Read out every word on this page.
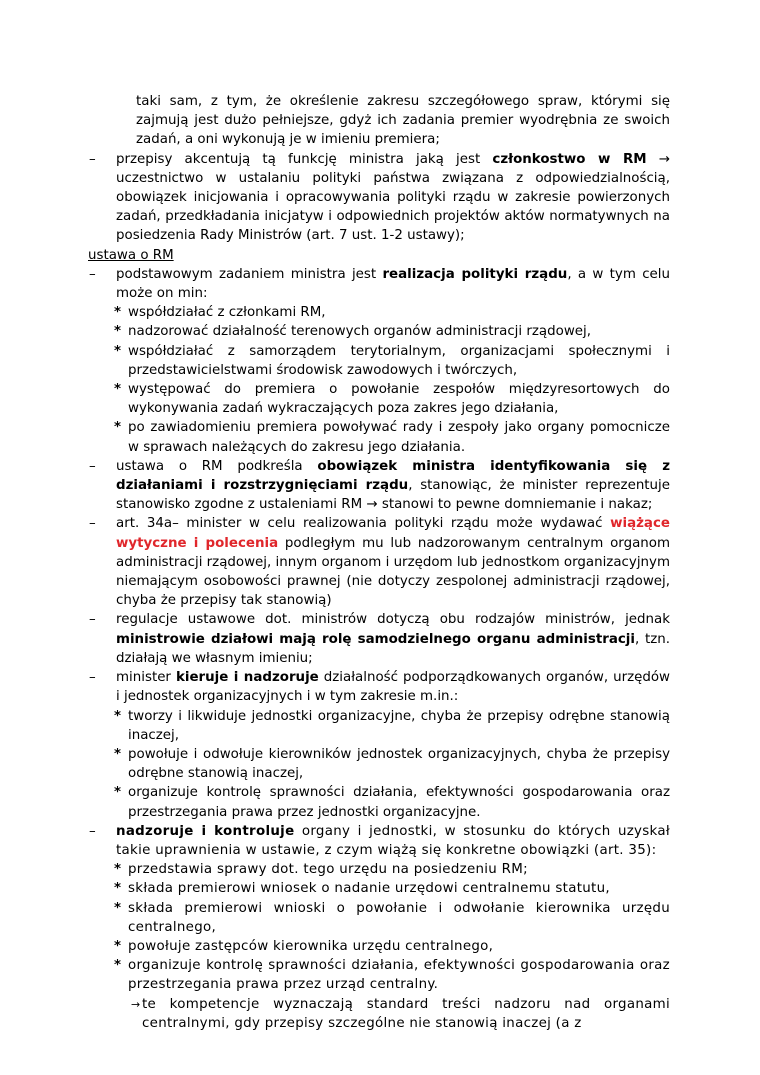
taki sam, z tym, że określenie zakresu szczegółowego spraw, którymi się zajmują jest dużo pełniejsze, gdyż ich zadania premier wyodrębnia ze swoich zadań, a oni wykonują je w imieniu premiera;

– przepisy akcentują tą funkcję ministra jaką jest członkostwo w RM → uczestnictwo w ustalaniu polityki państwa związana z odpowiedzialnością, obowiązek inicjowania i opracowywania polityki rządu w zakresie powierzonych zadań, przedkładania inicjatyw i odpowiednich projektów aktów normatywnych na posiedzenia Rady Ministrów (art. 7 ust. 1-2 ustawy);

ustawa o RM

– podstawowym zadaniem ministra jest realizacja polityki rządu, a w tym celu może on min:
* współdziałać z członkami RM,
* nadzorować działalność terenowych organów administracji rządowej,
* współdziałać z samorządem terytorialnym, organizacjami społecznymi i przedstawicielstwami środowisk zawodowych i twórczych,
* występować do premiera o powołanie zespołów międzyresortowych do wykonywania zadań wykraczających poza zakres jego działania,
* po zawiadomieniu premiera powoływać rady i zespoły jako organy pomocnicze w sprawach należących do zakresu jego działania.
– ustawa o RM podkreśla obowiązek ministra identyfikowania się z działaniami i rozstrzygnięciami rządu, stanowiąc, że minister reprezentuje stanowisko zgodne z ustaleniami RM → stanowi to pewne domniemanie i nakaz;
– art. 34a– minister w celu realizowania polityki rządu może wydawać wiążące wytyczne i polecenia podległym mu lub nadzorowanym centralnym organom administracji rządowej, innym organom i urzędom lub jednostkom organizacyjnym niemającym osobowości prawnej (nie dotyczy zespolonej administracji rządowej, chyba że przepisy tak stanowią)
– regulacje ustawowe dot. ministrów dotyczą obu rodzajów ministrów, jednak ministrowie działowi mają rolę samodzielnego organu administracji, tzn. działają we własnym imieniu;
– minister kieruje i nadzoruje działalność podporządkowanych organów, urzędów i jednostek organizacyjnych i w tym zakresie m.in.:
* tworzy i likwiduje jednostki organizacyjne, chyba że przepisy odrębne stanowią inaczej,
* powołuje i odwołuje kierowników jednostek organizacyjnych, chyba że przepisy odrębne stanowią inaczej,
* organizuje kontrolę sprawności działania, efektywności gospodarowania oraz przestrzegania prawa przez jednostki organizacyjne.
– nadzoruje i kontroluje organy i jednostki, w stosunku do których uzyskał takie uprawnienia w ustawie, z czym wiążą się konkretne obowiązki (art. 35):
* przedstawia sprawy dot. tego urzędu na posiedzeniu RM;
* składa premierowi wniosek o nadanie urzędowi centralnemu statutu,
* składa premierowi wnioski o powołanie i odwołanie kierownika urzędu centralnego,
* powołuje zastępców kierownika urzędu centralnego,
* organizuje kontrolę sprawności działania, efektywności gospodarowania oraz przestrzegania prawa przez urząd centralny.
→ te kompetencje wyznaczają standard treści nadzoru nad organami centralnymi, gdy przepisy szczególne nie stanowią inaczej (a z
